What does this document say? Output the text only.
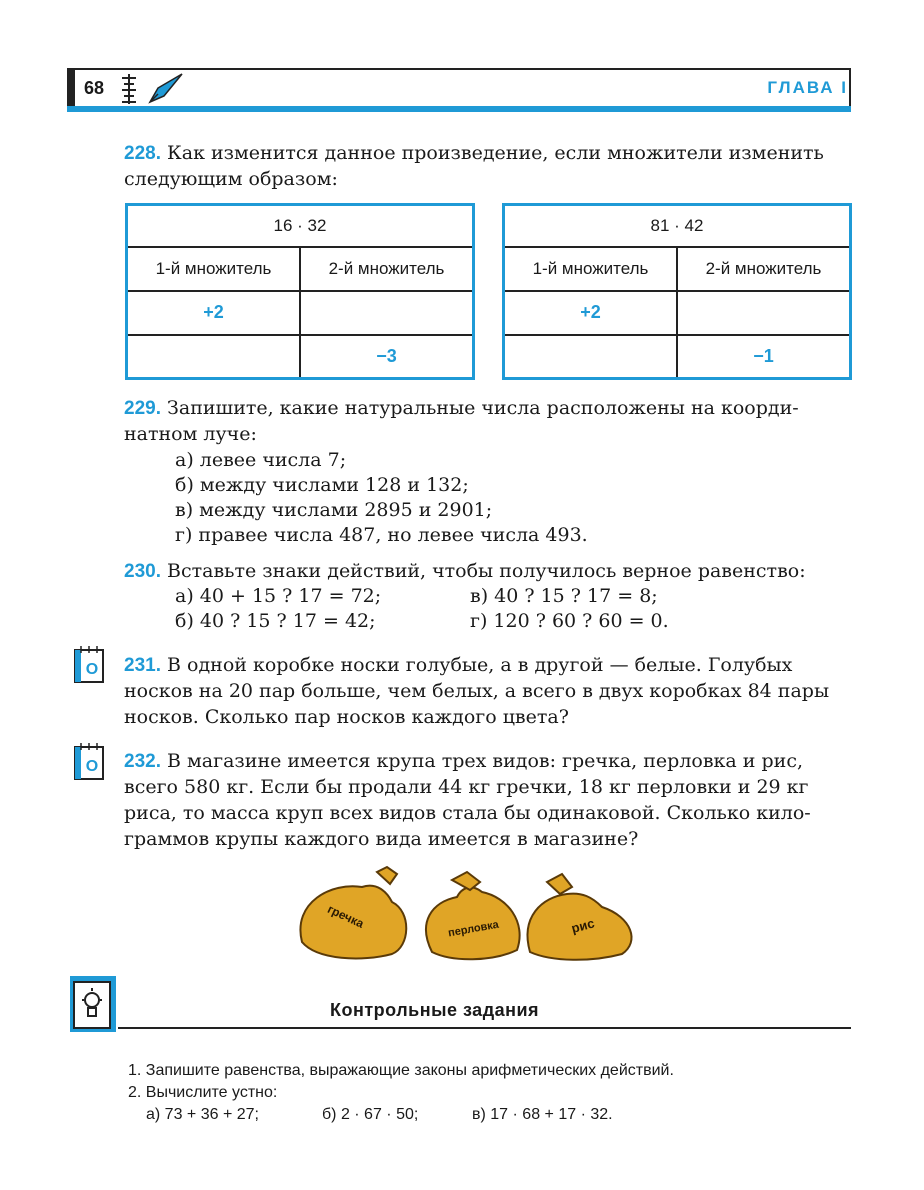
68	ГЛАВА I
228. Как изменится данное произведение, если множители изменить
следующим образом:
16 · 32	
1-й множитель	2-й множитель
+2	
	−3
81 · 42	
1-й множитель	2-й множитель
+2	
	−1
229. Запишите, какие натуральные числа расположены на коорди-
натном луче:
а) левее числа 7;
б) между числами 128 и 132;
в) между числами 2895 и 2901;
г) правее числа 487, но левее числа 493.
230. Вставьте знаки действий, чтобы получилось верное равенство:
а) 40 + 15 ? 17 = 72;
б) 40 ? 15 ? 17 = 42;
в) 40 ? 15 ? 17 = 8;
г) 120 ? 60 ? 60 = 0.
O
O
231. В одной коробке носки голубые, а в другой — белые. Голубых
носков на 20 пар больше, чем белых, а всего в двух коробках 84 пары
носков. Сколько пар носков каждого цвета?
232. В магазине имеется крупа трех видов: гречка, перловка и рис,
всего 580 кг. Если бы продали 44 кг гречки, 18 кг перловки и 29 кг
риса, то масса круп всех видов стала бы одинаковой. Сколько кило-
граммов крупы каждого вида имеется в магазине?
гречка	перловка	рис
Контрольные задания
1. Запишите равенства, выражающие законы арифметических действий.
2. Вычислите устно:
а) 73 + 36 + 27;	б) 2 · 67 · 50;	в) 17 · 68 + 17 · 32.
